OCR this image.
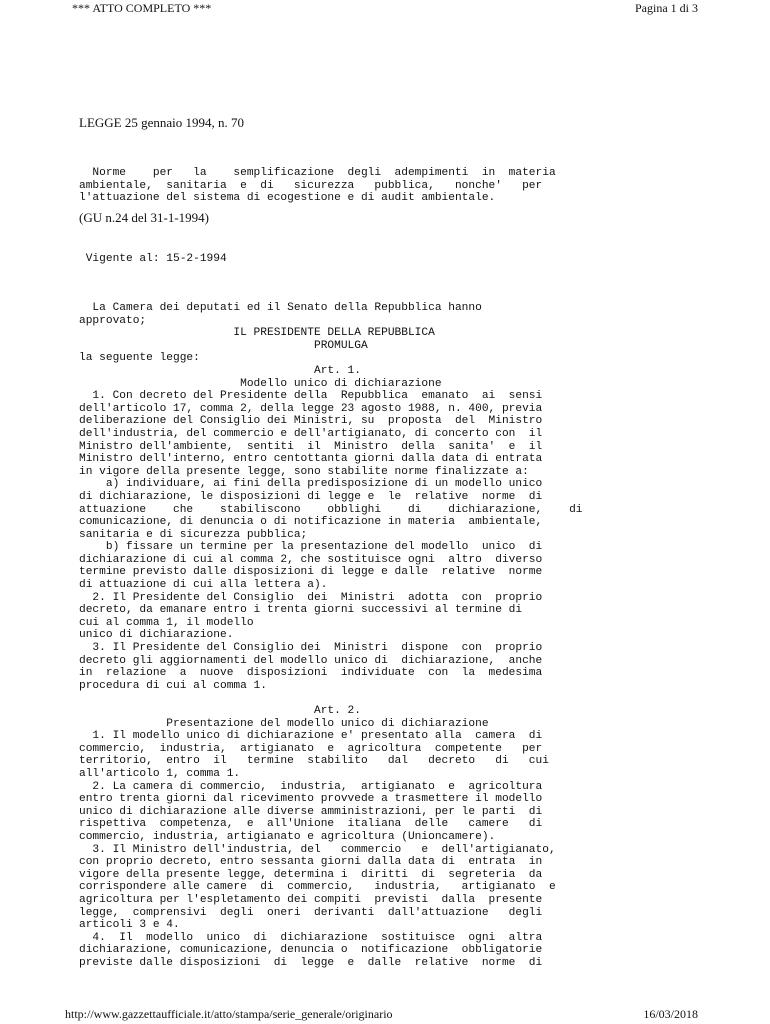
*** ATTO COMPLETO ***	Pagina 1 di 3
LEGGE 25 gennaio 1994, n. 70
Norme    per   la    semplificazione  degli  adempimenti  in  materia
ambientale,  sanitaria  e  di   sicurezza   pubblica,   nonche'   per
l'attuazione del sistema di ecogestione e di audit ambientale.
(GU n.24 del 31-1-1994)
Vigente al: 15-2-1994
La Camera dei deputati ed il Senato della Repubblica hanno
approvato;
IL PRESIDENTE DELLA REPUBBLICA
PROMULGA
la seguente legge:
Art. 1.
Modello unico di dichiarazione
1. Con decreto del Presidente della  Repubblica  emanato  ai  sensi
dell'articolo 17, comma 2, della legge 23 agosto 1988, n. 400, previa
deliberazione del Consiglio dei Ministri, su  proposta  del  Ministro
dell'industria, del commercio e dell'artigianato, di concerto con  il
Ministro dell'ambiente,  sentiti  il  Ministro  della  sanita'  e  il
Ministro dell'interno, entro centottanta giorni dalla data di entrata
in vigore della presente legge, sono stabilite norme finalizzate a:
a) individuare, ai fini della predisposizione di un modello unico
di dichiarazione, le disposizioni di legge e  le  relative  norme  di
attuazione    che    stabiliscono    obblighi    di    dichiarazione,    di
comunicazione, di denuncia o di notificazione in materia  ambientale,
sanitaria e di sicurezza pubblica;
b) fissare un termine per la presentazione del modello  unico  di
dichiarazione di cui al comma 2, che sostituisce ogni  altro  diverso
termine previsto dalle disposizioni di legge e dalle  relative  norme
di attuazione di cui alla lettera a).
2. Il Presidente del Consiglio  dei  Ministri  adotta  con  proprio
decreto, da emanare entro i trenta giorni successivi al termine di
cui al comma 1, il modello
unico di dichiarazione.
3. Il Presidente del Consiglio dei  Ministri  dispone  con  proprio
decreto gli aggiornamenti del modello unico di  dichiarazione,  anche
in  relazione  a  nuove  disposizioni  individuate  con  la  medesima
procedura di cui al comma 1.

Art. 2.
Presentazione del modello unico di dichiarazione
1. Il modello unico di dichiarazione e' presentato alla  camera  di
commercio,  industria,  artigianato  e  agricoltura  competente   per
territorio,  entro  il   termine  stabilito   dal   decreto   di   cui
all'articolo 1, comma 1.
2. La camera di commercio,  industria,  artigianato  e  agricoltura
entro trenta giorni dal ricevimento provvede a trasmettere il modello
unico di dichiarazione alle diverse amministrazioni, per le parti  di
rispettiva  competenza,  e  all'Unione  italiana  delle   camere   di
commercio, industria, artigianato e agricoltura (Unioncamere).
3. Il Ministro dell'industria, del   commercio   e  dell'artigianato,
con proprio decreto, entro sessanta giorni dalla data di  entrata  in
vigore della presente legge, determina i  diritti  di  segreteria  da
corrispondere alle camere  di  commercio,   industria,   artigianato  e
agricoltura per l'espletamento dei compiti  previsti  dalla  presente
legge,  comprensivi  degli  oneri  derivanti  dall'attuazione   degli
articoli 3 e 4.
4.  Il  modello  unico  di  dichiarazione  sostituisce  ogni  altra
dichiarazione, comunicazione, denuncia o  notificazione  obbligatorie
previste dalle disposizioni  di  legge  e  dalle  relative  norme  di
http://www.gazzettaufficiale.it/atto/stampa/serie_generale/originario	16/03/2018
